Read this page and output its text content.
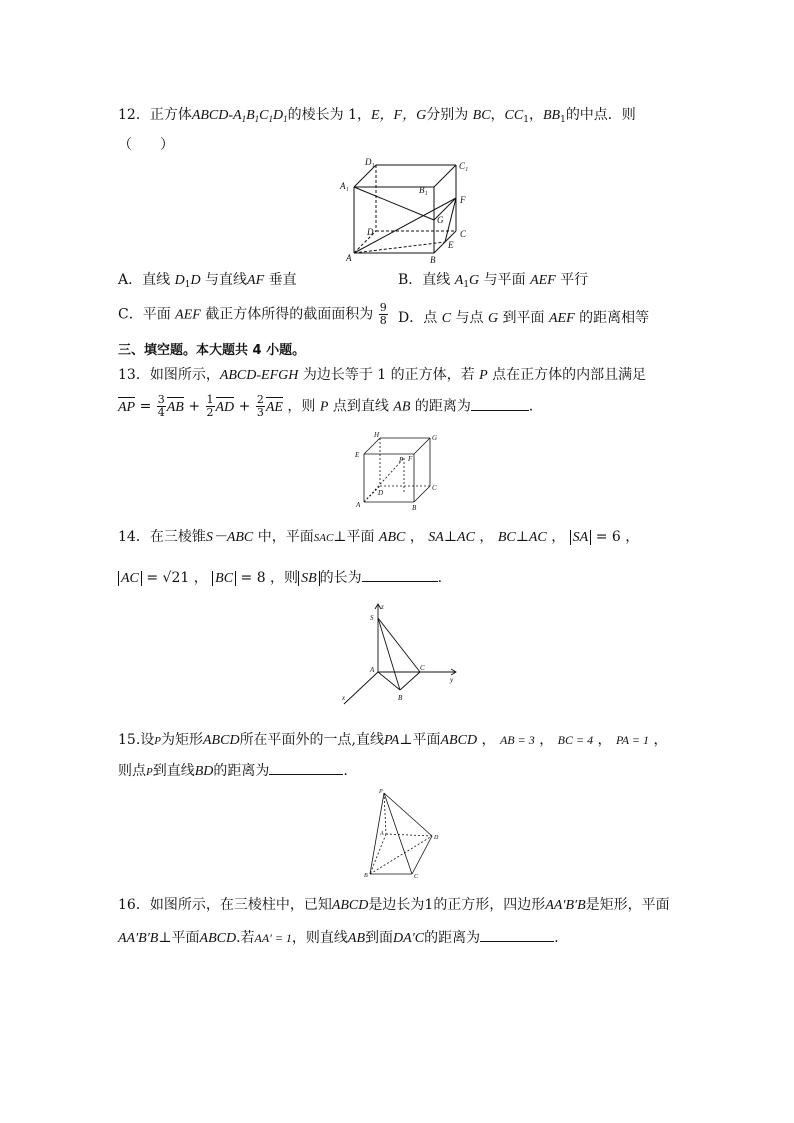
12．正方体ABCD-$A_1B_1C_1D_1$的棱长为 1，E，F，G分别为 BC，$CC_1$，$BB_1$的中点．则
（　　）
D₁	C₁
A₁	B₁
F
G
D	C
E
A	B
A．直线 $D_1D$ 与直线AF 垂直	B．直线 $A_1G$ 与平面 AEF 平行
C．平面 AEF 截正方体所得的截面面积为 $\frac{9}{8}$ D．点 C 与点 G 到平面 AEF 的距离相等
三、填空题。本大题共 4 小题。
13．如图所示，ABCD-EFGH 为边长等于 1 的正方体，若 P 点在正方体的内部且满足
AP = $\frac{3}{4}$ AB + $\frac{1}{2}$ AD + $\frac{2}{3}$ AE ，则 P 点到直线 AB 的距离为	．
H	G
E
P F
D
C
A	B
14．在三棱锥S－ABC 中，平面SAC⊥平面 ABC ， SA⊥AC ， BC⊥AC ， SA = 6 ，
AC = √21 ， BC = 8 ，则 SB 的长为	.
z
S
A	C
y
B
x
15.设P为矩形ABCD所在平面外的一点,直线PA⊥平面ABCD ， AB = 3 ， BC = 4 ， PA = 1 ，
则点P到直线BD的距离为	.
P
A
D
B	C
16．如图所示，在三棱柱中，已知ABCD是边长为1的正方形，四边形AA′B′B是矩形，平面
AA′B′B⊥平面ABCD.若AA′ = 1，则直线AB到面DA′C的距离为	.
